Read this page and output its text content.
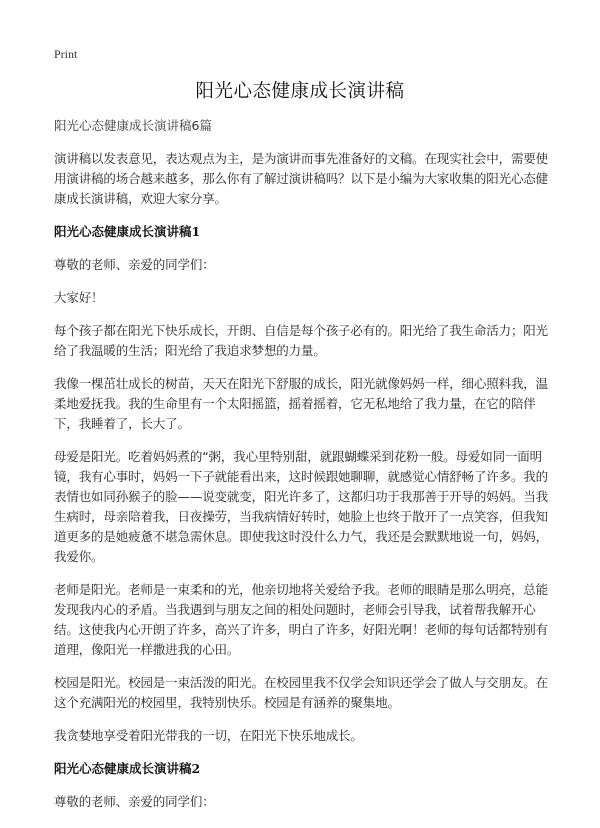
Print
阳光心态健康成长演讲稿
阳光心态健康成长演讲稿6篇

演讲稿以发表意见，表达观点为主，是为演讲而事先准备好的文稿。在现实社会中，需要使用演讲稿的场合越来越多，那么你有了解过演讲稿吗？以下是小编为大家收集的阳光心态健康成长演讲稿，欢迎大家分享。

阳光心态健康成长演讲稿1

尊敬的老师、亲爱的同学们：

大家好！

每个孩子都在阳光下快乐成长，开朗、自信是每个孩子必有的。阳光给了我生命活力；阳光给了我温暖的生活；阳光给了我追求梦想的力量。

我像一棵茁壮成长的树苗，天天在阳光下舒服的成长，阳光就像妈妈一样，细心照料我，温柔地爱抚我。我的生命里有一个太阳摇篮，摇着摇着，它无私地给了我力量，在它的陪伴下，我睡着了，长大了。

母爱是阳光。吃着妈妈煮的“粥，我心里特别甜，就跟蝴蝶采到花粉一般。母爱如同一面明镜，我有心事时，妈妈一下子就能看出来，这时候跟她聊聊，就感觉心情舒畅了许多。我的表情也如同孙猴子的脸——说变就变，阳光许多了，这都归功于我那善于开导的妈妈。当我生病时，母亲陪着我，日夜操劳，当我病情好转时，她脸上也终于散开了一点笑容，但我知道更多的是她疲惫不堪急需休息。即使我这时没什么力气，我还是会默默地说一句，妈妈，我爱你。

老师是阳光。老师是一束柔和的光，他亲切地将关爱给予我。老师的眼睛是那么明亮，总能发现我内心的矛盾。当我遇到与朋友之间的相处问题时，老师会引导我，试着帮我解开心结。这使我内心开朗了许多，高兴了许多，明白了许多，好阳光啊！老师的每句话都特别有道理，像阳光一样撒进我的心田。

校园是阳光。校园是一束活泼的阳光。在校园里我不仅学会知识还学会了做人与交朋友。在这个充满阳光的校园里，我特别快乐。校园是有涵养的聚集地。

我贪婪地享受着阳光带我的一切，在阳光下快乐地成长。

阳光心态健康成长演讲稿2

尊敬的老师、亲爱的同学们：
